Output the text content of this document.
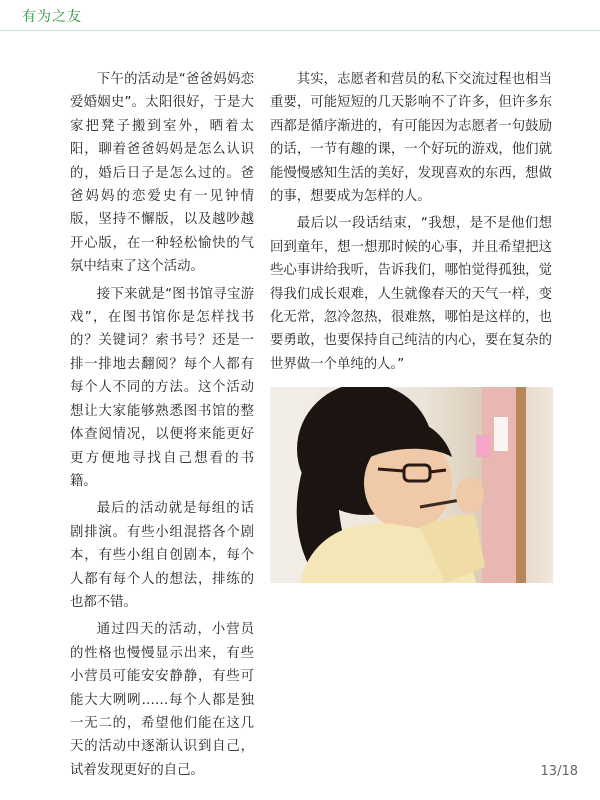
有为之友

下午的活动是“爸爸妈妈恋爱婚姻史”。太阳很好，于是大家把凳子搬到室外，晒着太阳，聊着爸爸妈妈是怎么认识的，婚后日子是怎么过的。爸爸妈妈的恋爱史有一见钟情版，坚持不懈版，以及越吵越开心版，在一种轻松愉快的气氛中结束了这个活动。

接下来就是“图书馆寻宝游戏”，在图书馆你是怎样找书的？关键词？索书号？还是一排一排地去翻阅？每个人都有每个人不同的方法。这个活动想让大家能够熟悉图书馆的整体查阅情况，以便将来能更好更方便地寻找自己想看的书籍。

最后的活动就是每组的话剧排演。有些小组混搭各个剧本，有些小组自创剧本，每个人都有每个人的想法，排练的也都不错。

通过四天的活动，小营员的性格也慢慢显示出来，有些小营员可能安安静静，有些可能大大咧咧……每个人都是独一无二的，希望他们能在这几天的活动中逐渐认识到自己，试着发现更好的自己。

其实，志愿者和营员的私下交流过程也相当重要，可能短短的几天影响不了许多，但许多东西都是循序渐进的，有可能因为志愿者一句鼓励的话，一节有趣的课，一个好玩的游戏，他们就能慢慢感知生活的美好，发现喜欢的东西，想做的事，想要成为怎样的人。

最后以一段话结束，“我想，是不是他们想回到童年，想一想那时候的心事，并且希望把这些心事讲给我听，告诉我们，哪怕觉得孤独，觉得我们成长艰难，人生就像春天的天气一样，变化无常，忽冷忽热，很难熬，哪怕是这样的，也要勇敢，也要保持自己纯洁的内心，要在复杂的世界做一个单纯的人。”

13/18
